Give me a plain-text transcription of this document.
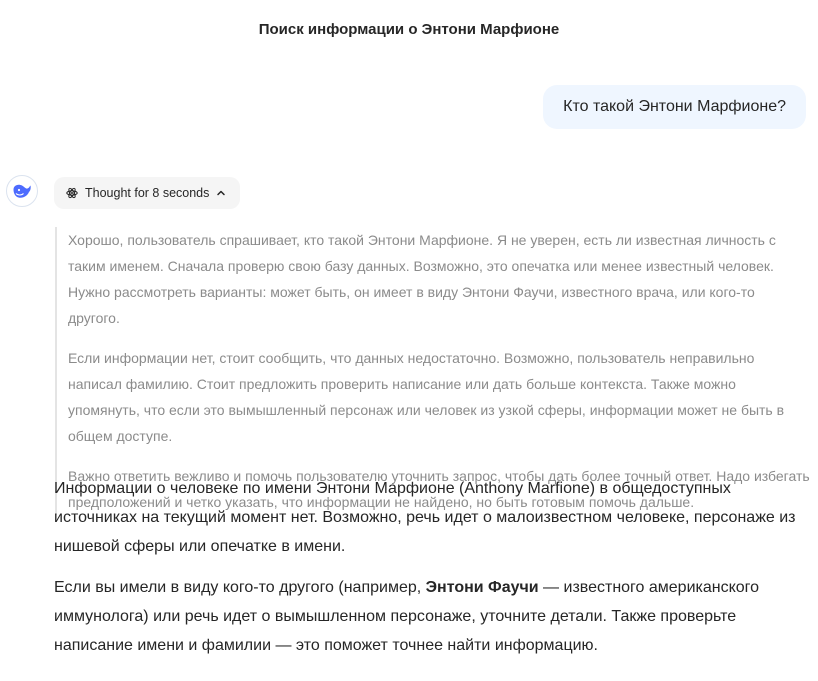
Поиск информации о Энтони Марфионе
Кто такой Энтони Марфионе?
Thought for 8 seconds

Хорошо, пользователь спрашивает, кто такой Энтони Марфионе. Я не уверен, есть ли известная личность с таким именем. Сначала проверю свою базу данных. Возможно, это опечатка или менее известный человек. Нужно рассмотреть варианты: может быть, он имеет в виду Энтони Фаучи, известного врача, или кого-то другого.

Если информации нет, стоит сообщить, что данных недостаточно. Возможно, пользователь неправильно написал фамилию. Стоит предложить проверить написание или дать больше контекста. Также можно упомянуть, что если это вымышленный персонаж или человек из узкой сферы, информации может не быть в общем доступе.

Важно ответить вежливо и помочь пользователю уточнить запрос, чтобы дать более точный ответ. Надо избегать предположений и четко указать, что информации не найдено, но быть готовым помочь дальше.

Информации о человеке по имени Энтони Марфионе (Anthony Marfione) в общедоступных источниках на текущий момент нет. Возможно, речь идет о малоизвестном человеке, персонаже из нишевой сферы или опечатке в имени.

Если вы имели в виду кого-то другого (например, Энтони Фаучи — известного американского иммунолога) или речь идет о вымышленном персонаже, уточните детали. Также проверьте написание имени и фамилии — это поможет точнее найти информацию.
